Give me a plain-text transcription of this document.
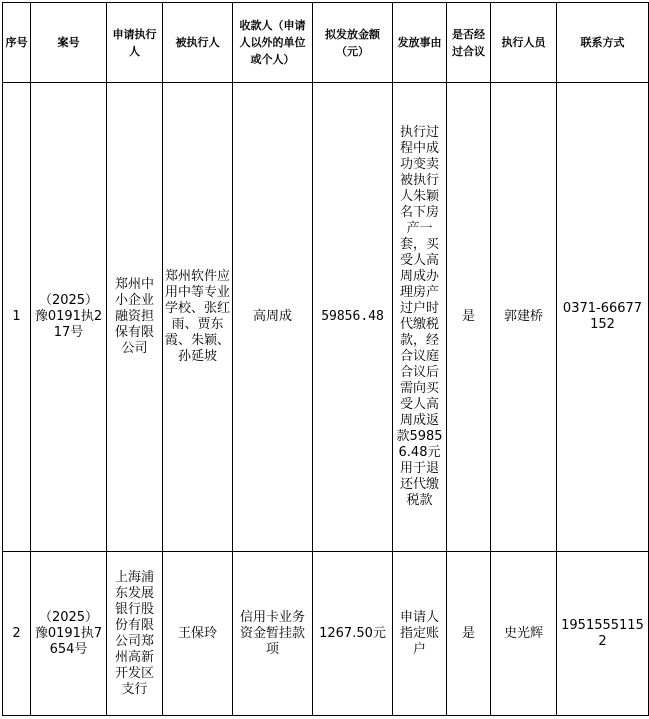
序号	案号	申请执行人	被执行人	收款人（申请人以外的单位或个人）	拟发放金额（元）	发放事由	是否经过合议	执行人员	联系方式
1	（2025）豫0191执217号	郑州中小企业融资担保有限公司	郑州软件应用中等专业学校、张红雨、贾东霞、朱颖、孙延坡	高周成	59856.48	执行过程中成功变卖被执行人朱颖名下房产一套，买受人高周成办理房产过户时代缴税款，经合议庭合议后需向买受人高周成返款59856.48元用于退还代缴税款	是	郭建桥	0371-66677152
2	（2025）豫0191执7654号	上海浦东发展银行股份有限公司郑州高新开发区支行	王保玲	信用卡业务资金暂挂款项	1267.50元	申请人指定账户	是	史光辉	19515551152
